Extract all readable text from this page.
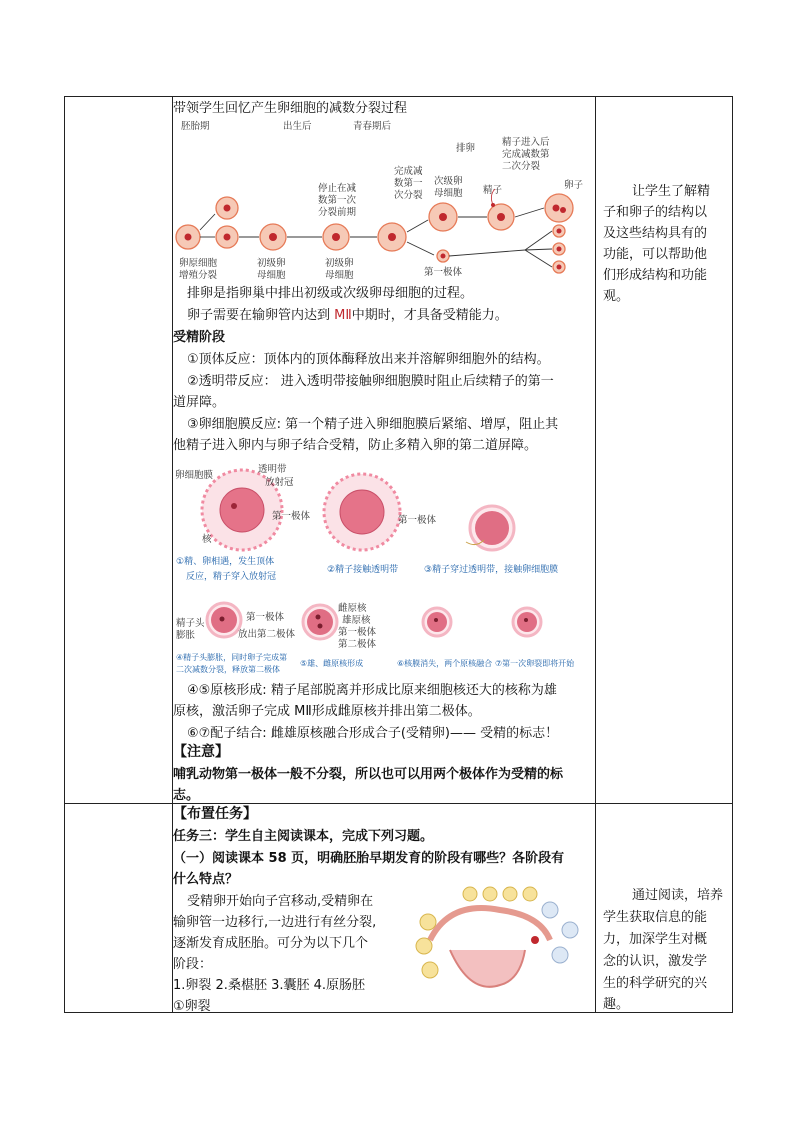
带领学生回忆产生卵细胞的减数分裂过程
胚胎期	出生后	青春期后
排卵
精子进入后
完成减数第
二次分裂
完成减
数第一
次分裂
次级卵
母细胞 精子	卵子
停止在减
数第一次
分裂前期
卵原细胞
增殖分裂
初级卵
母细胞
初级卵
母细胞	第一极体
排卵是指卵巢中排出初级或次级卵母细胞的过程。
卵子需要在输卵管内达到 MⅡ中期时，才具备受精能力。
受精阶段
①顶体反应：顶体内的顶体酶释放出来并溶解卵细胞外的结构。
②透明带反应： 进入透明带接触卵细胞膜时阻止后续精子的第一
道屏障。
③卵细胞膜反应: 第一个精子进入卵细胞膜后紧缩、增厚，阻止其
他精子进入卵内与卵子结合受精，防止多精入卵的第二道屏障。
卵细胞膜
透明带
放射冠
第一极体	第一极体
核
①精、卵相遇，发生顶体
反应，精子穿入放射冠
②精子接触透明带	③精子穿过透明带，接触卵细胞膜
精子头
膨胀
第一极体
放出第二极体
雌原核
雄原核
第一极体
第二极体
④精子头膨胀，同时卵子完成第
二次减数分裂，释放第二极体
⑤雄、雌原核形成	⑥核膜消失，两个原核融合 ⑦第一次卵裂即将开始
④⑤原核形成: 精子尾部脱离并形成比原来细胞核还大的核称为雄
原核，激活卵子完成 MⅡ形成雌原核并排出第二极体。
⑥⑦配子结合: 雌雄原核融合形成合子(受精卵)—— 受精的标志！
【注意】
哺乳动物第一极体一般不分裂，所以也可以用两个极体作为受精的标
志。
让学生了解精
子和卵子的结构以
及这些结构具有的
功能，可以帮助他
们形成结构和功能
观。
【布置任务】
任务三：学生自主阅读课本，完成下列习题。
（一）阅读课本 58 页，明确胚胎早期发育的阶段有哪些？各阶段有
什么特点？
受精卵开始向子宫移动,受精卵在
输卵管一边移行,一边进行有丝分裂,
逐渐发育成胚胎。可分为以下几个
阶段：
1.卵裂 2.桑椹胚 3.囊胚 4.原肠胚
①卵裂
通过阅读，培养
学生获取信息的能
力，加深学生对概
念的认识，激发学
生的科学研究的兴
趣。
